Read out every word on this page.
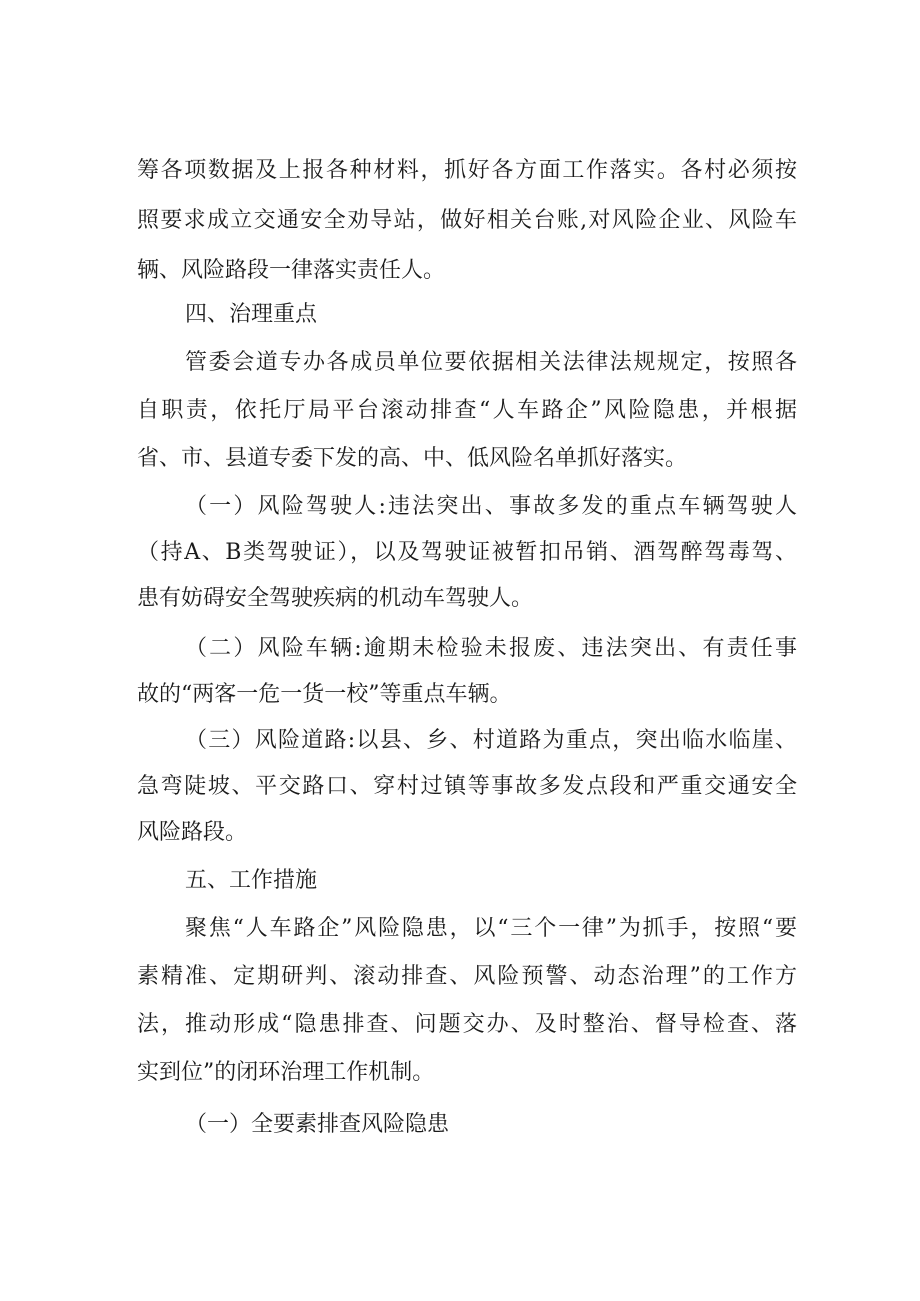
筹各项数据及上报各种材料，抓好各方面工作落实。各村必须按
照要求成立交通安全劝导站，做好相关台账,对风险企业、风险车
辆、风险路段一律落实责任人。
四、治理重点
管委会道专办各成员单位要依据相关法律法规规定，按照各
自职责，依托厅局平台滚动排查“人车路企”风险隐患，并根据
省、市、县道专委下发的高、中、低风险名单抓好落实。
（一）风险驾驶人:违法突出、事故多发的重点车辆驾驶人
（持A、B类驾驶证），以及驾驶证被暂扣吊销、酒驾醉驾毒驾、
患有妨碍安全驾驶疾病的机动车驾驶人。
（二）风险车辆:逾期未检验未报废、违法突出、有责任事
故的“两客一危一货一校”等重点车辆。
（三）风险道路:以县、乡、村道路为重点，突出临水临崖、
急弯陡坡、平交路口、穿村过镇等事故多发点段和严重交通安全
风险路段。
五、工作措施
聚焦“人车路企”风险隐患，以“三个一律”为抓手，按照“要
素精准、定期研判、滚动排查、风险预警、动态治理”的工作方
法，推动形成“隐患排查、问题交办、及时整治、督导检查、落
实到位”的闭环治理工作机制。
（一）全要素排查风险隐患
